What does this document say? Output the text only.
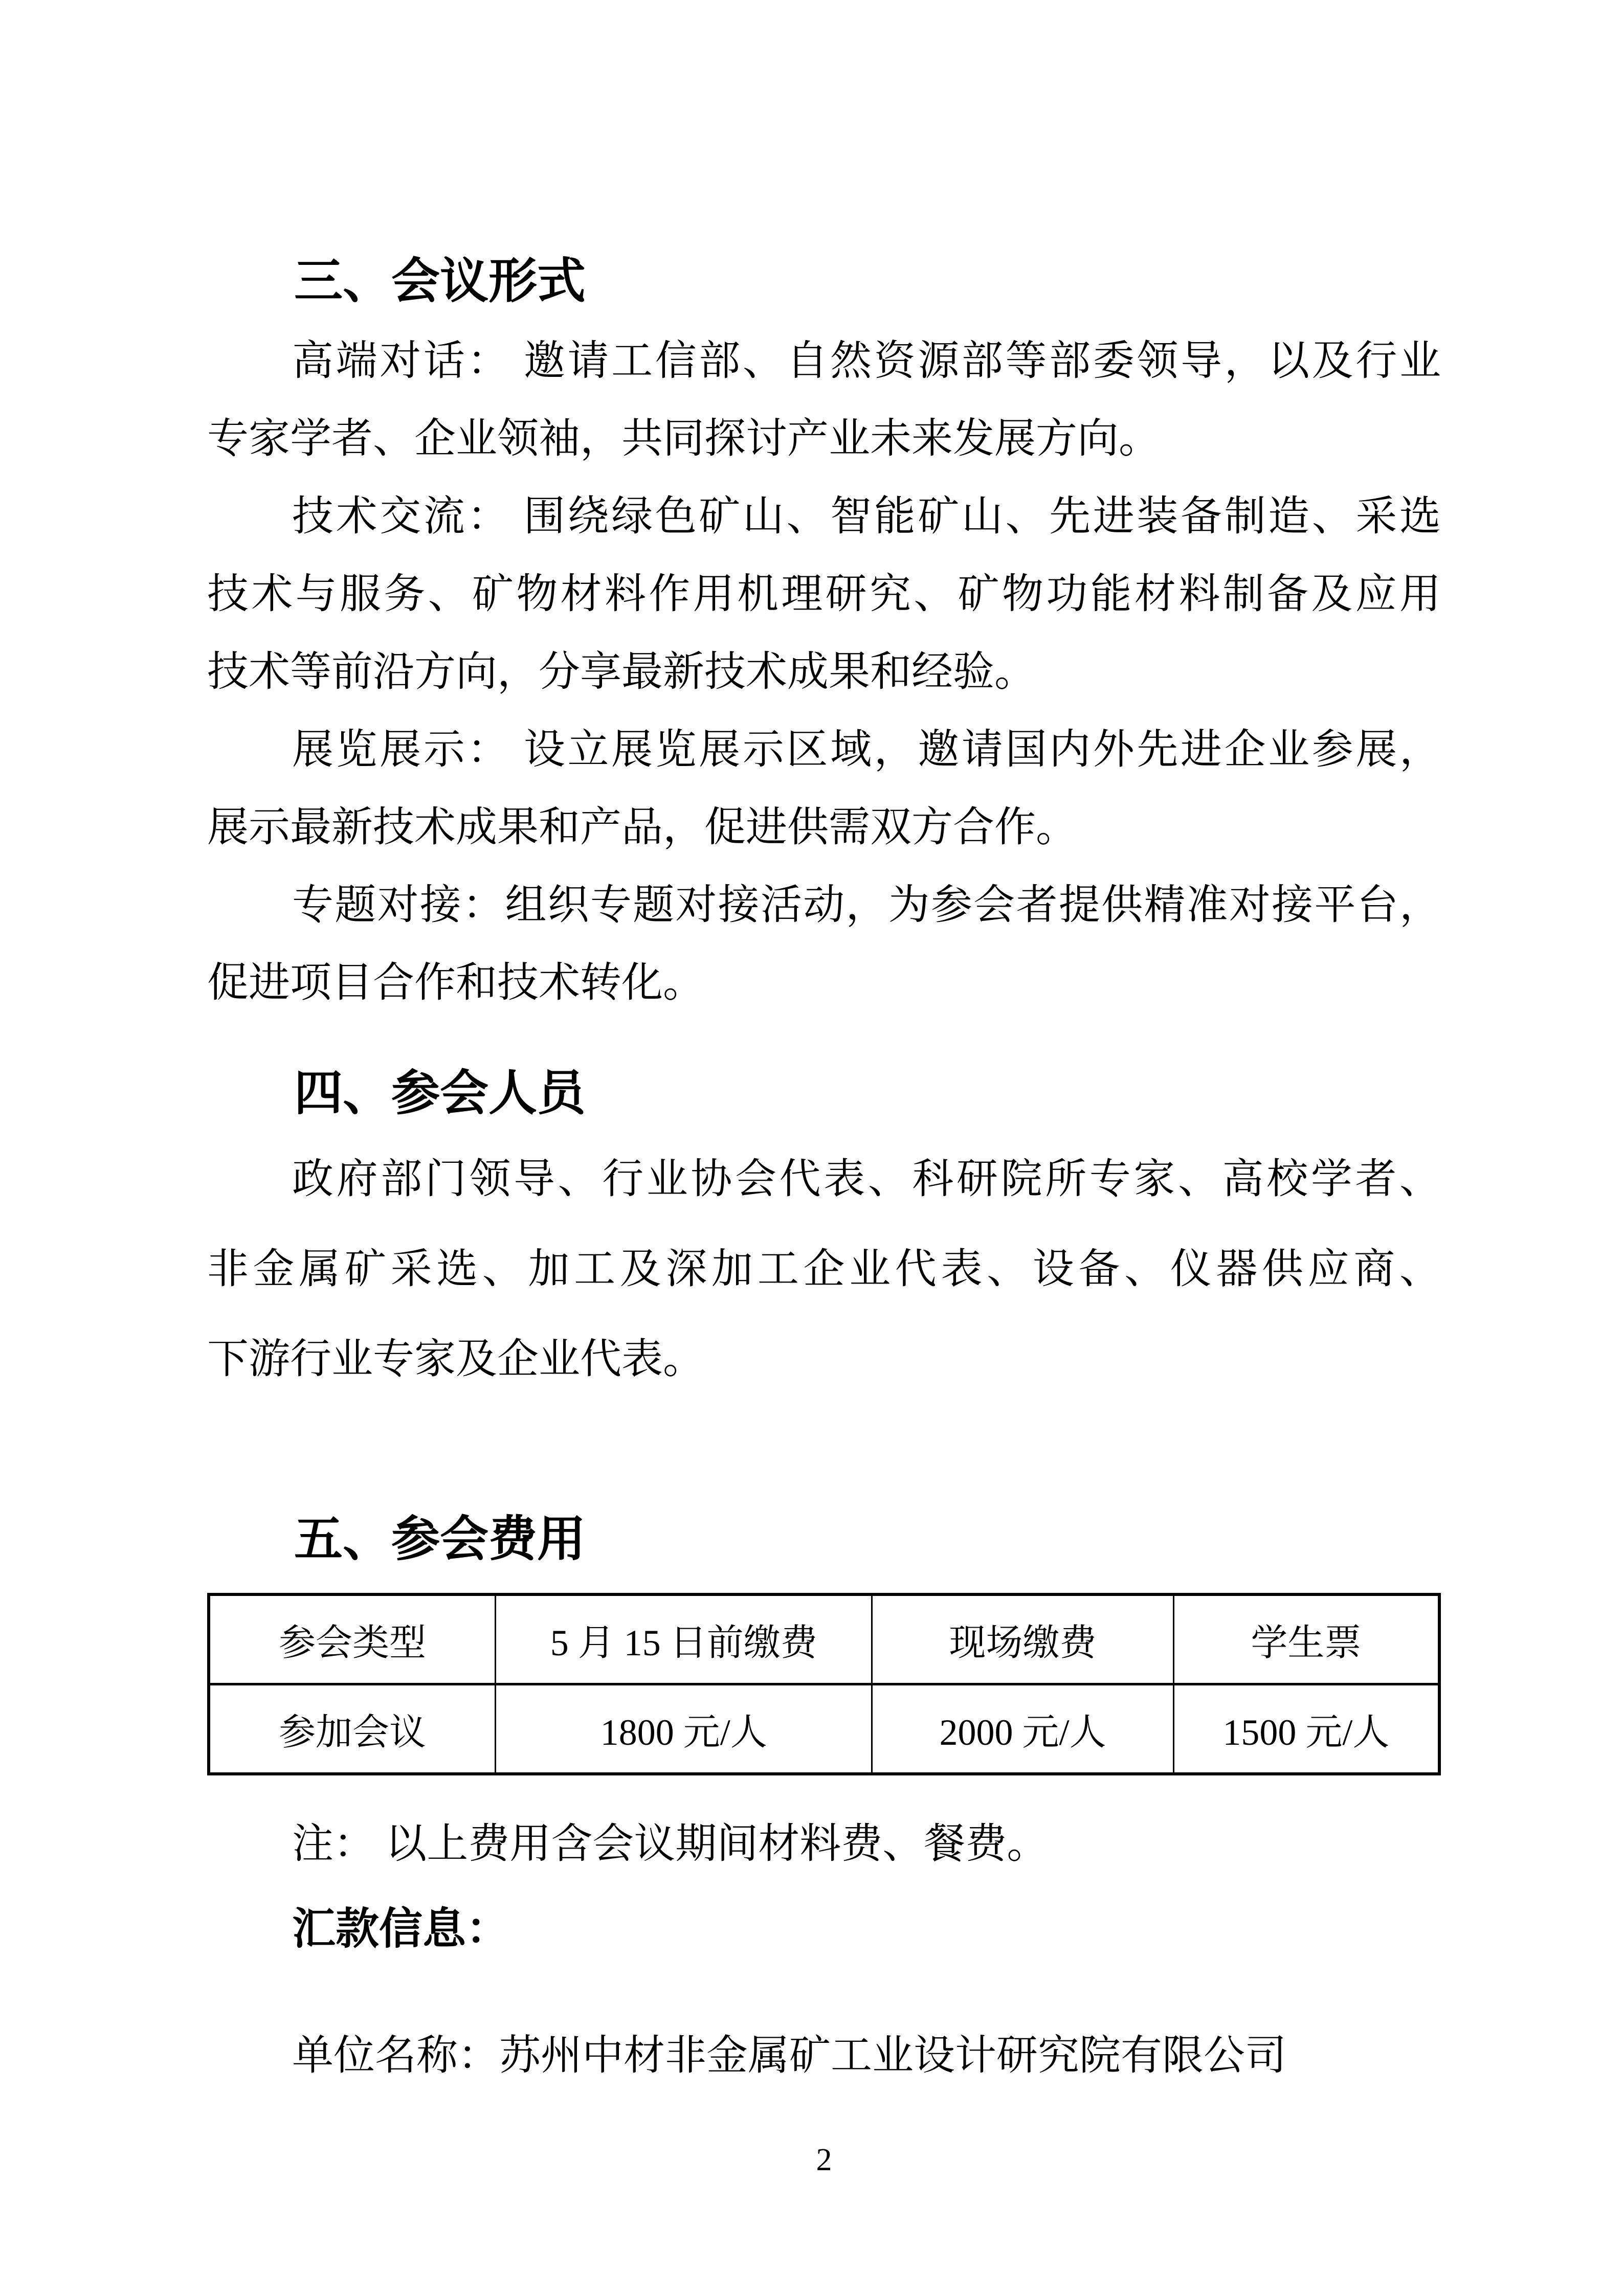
三、会议形式
高端对话： 邀请工信部、自然资源部等部委领导，以及行业
专家学者、企业领袖，共同探讨产业未来发展方向。
技术交流： 围绕绿色矿山、智能矿山、先进装备制造、采选
技术与服务、矿物材料作用机理研究、矿物功能材料制备及应用
技术等前沿方向，分享最新技术成果和经验。
展览展示： 设立展览展示区域，邀请国内外先进企业参展，
展示最新技术成果和产品，促进供需双方合作。
专题对接：组织专题对接活动，为参会者提供精准对接平台，
促进项目合作和技术转化。
四、参会人员
政府部门领导、行业协会代表、科研院所专家、高校学者、
非金属矿采选、加工及深加工企业代表、设备、仪器供应商、
下游行业专家及企业代表。
五、参会费用
参会类型	5 月 15 日前缴费	现场缴费	学生票
参加会议	1800 元/人	2000 元/人	1500 元/人
注： 以上费用含会议期间材料费、餐费。
汇款信息：
单位名称：苏州中材非金属矿工业设计研究院有限公司
2
